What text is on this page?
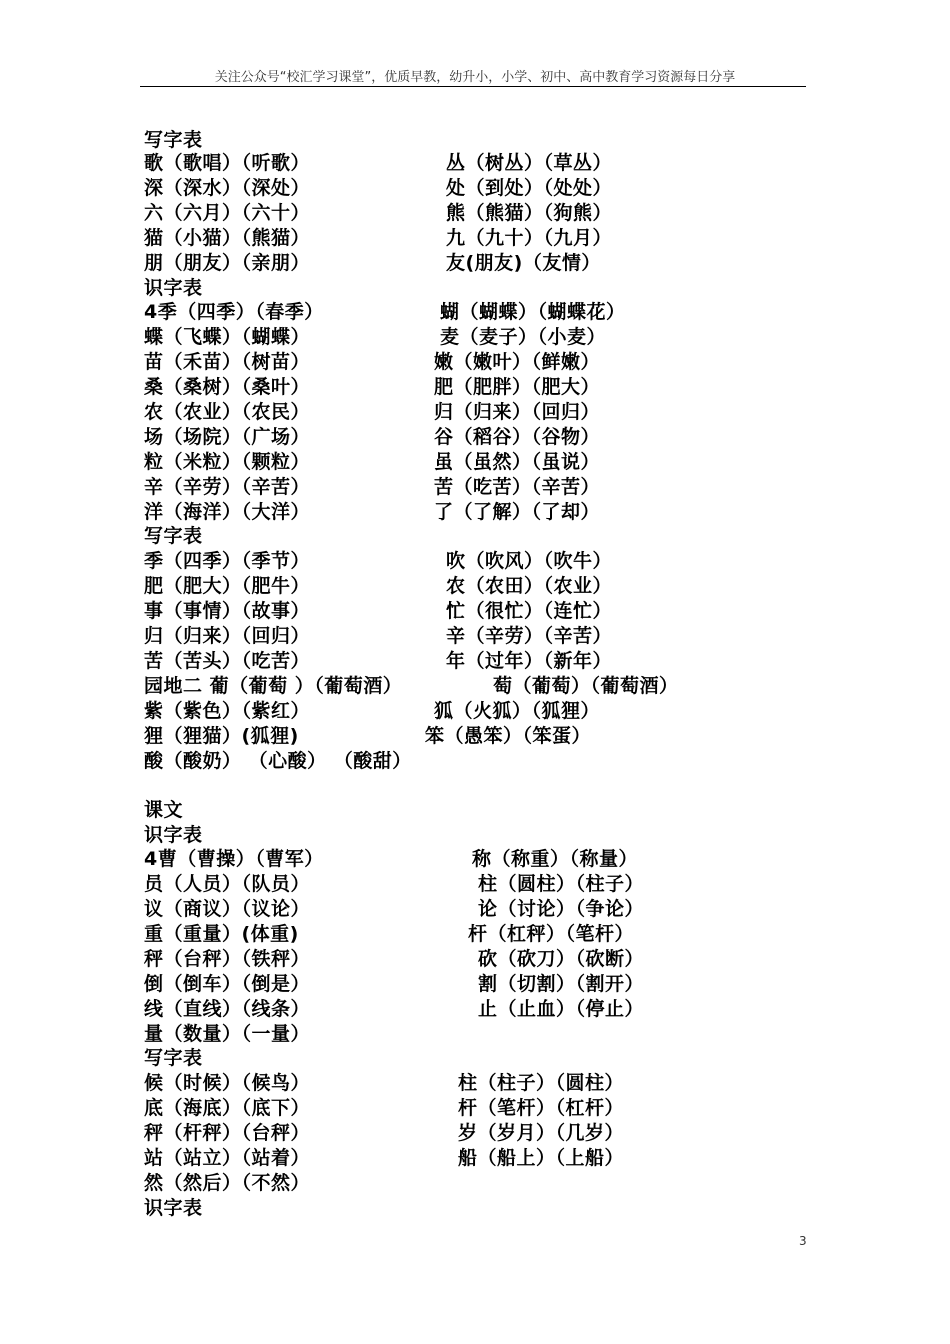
关注公众号“校汇学习课堂”，优质早教，幼升小，小学、初中、高中教育学习资源每日分享
写字表
歌（歌唱）（听歌）	丛（树丛）（草丛）
深（深水）（深处）	处（到处）（处处）
六（六月）（六十）	熊（熊猫）（狗熊）
猫（小猫）（熊猫）	九（九十）（九月）
朋（朋友）（亲朋）	友(朋友)（友情）
识字表
4季（四季）（春季）	蝴（蝴蝶）（蝴蝶花）
蝶（飞蝶）（蝴蝶）	麦（麦子）（小麦）
苗（禾苗）（树苗）	嫩（嫩叶）（鲜嫩）
桑（桑树）（桑叶）	肥（肥胖）（肥大）
农（农业）（农民）	归（归来）（回归）
场（场院）（广场）	谷（稻谷）（谷物）
粒（米粒）（颗粒）	虽（虽然）（虽说）
辛（辛劳）（辛苦）	苦（吃苦）（辛苦）
洋（海洋）（大洋）	了（了解）（了却）
写字表
季（四季）（季节）	吹（吹风）（吹牛）
肥（肥大）（肥牛）	农（农田）（农业）
事（事情）（故事）	忙（很忙）（连忙）
归（归来）（回归）	辛（辛劳）（辛苦）
苦（苦头）（吃苦）	年（过年）（新年）
园地二 葡（葡萄 ）（葡萄酒）	萄（葡萄）（葡萄酒）
紫（紫色）（紫红）	狐（火狐）（狐狸）
狸（狸猫）(狐狸)	笨（愚笨）（笨蛋）
酸（酸奶） （心酸） （酸甜）
课文
识字表
4曹（曹操）（曹军）	称（称重）（称量）
员（人员）（队员）	柱（圆柱）（柱子）
议（商议）（议论）	论（讨论）（争论）
重（重量）(体重)	杆（杠秤）（笔杆）
秤（台秤）（铁秤）	砍（砍刀）（砍断）
倒（倒车）（倒是）	割（切割）（割开）
线（直线）（线条）	止（止血）（停止）
量（数量）（一量）
写字表
候（时候）（候鸟）	柱（柱子）（圆柱）
底（海底）（底下）	杆（笔杆）（杠杆）
秤（杆秤）（台秤）	岁（岁月）（几岁）
站（站立）（站着）	船（船上）（上船）
然（然后）（不然）
识字表
3
